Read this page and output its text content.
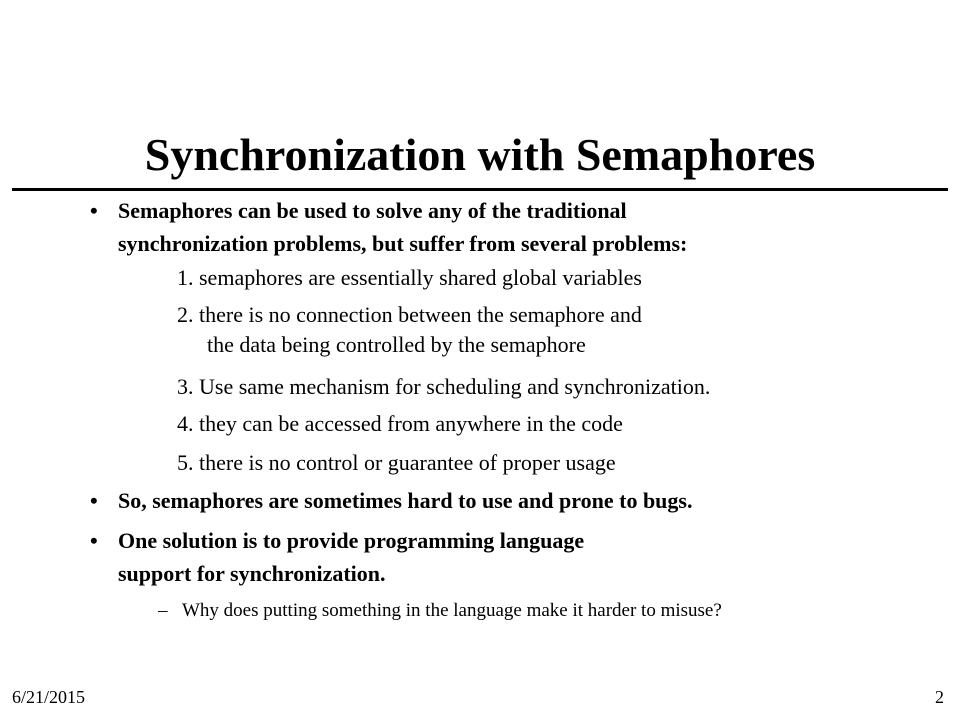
Synchronization with Semaphores
• Semaphores can be used to solve any of the traditional
synchronization problems, but suffer from several problems:
1. semaphores are essentially shared global variables
2. there is no connection between the semaphore and
the data being controlled by the semaphore
3. Use same mechanism for scheduling and synchronization.
4. they can be accessed from anywhere in the code
5. there is no control or guarantee of proper usage
• So, semaphores are sometimes hard to use and prone to bugs.
• One solution is to provide programming language
support for synchronization.
– Why does putting something in the language make it harder to misuse?
6/21/2015	2
